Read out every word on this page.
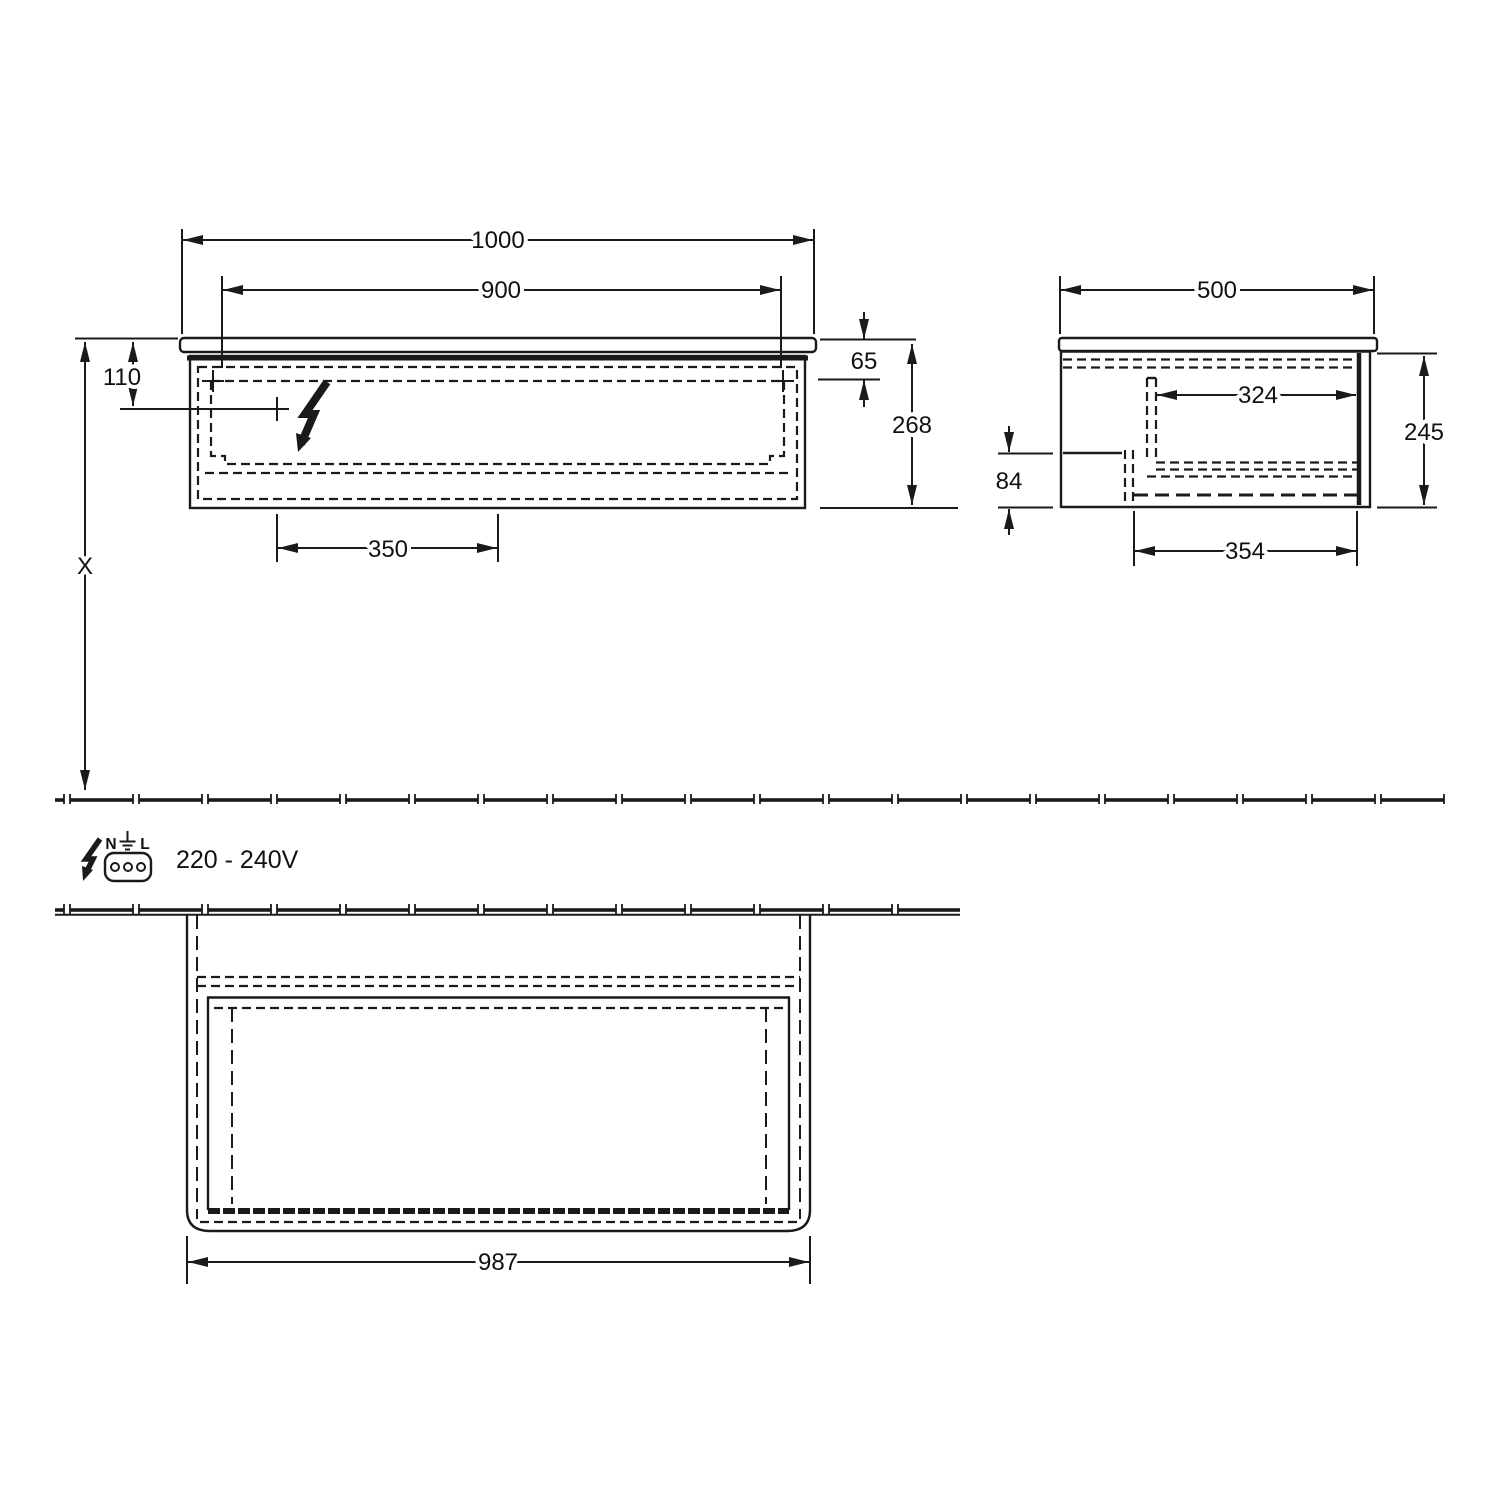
1000
900
110
65
268
350
X
500
324
245
84
354
N L
220 - 240V
987
